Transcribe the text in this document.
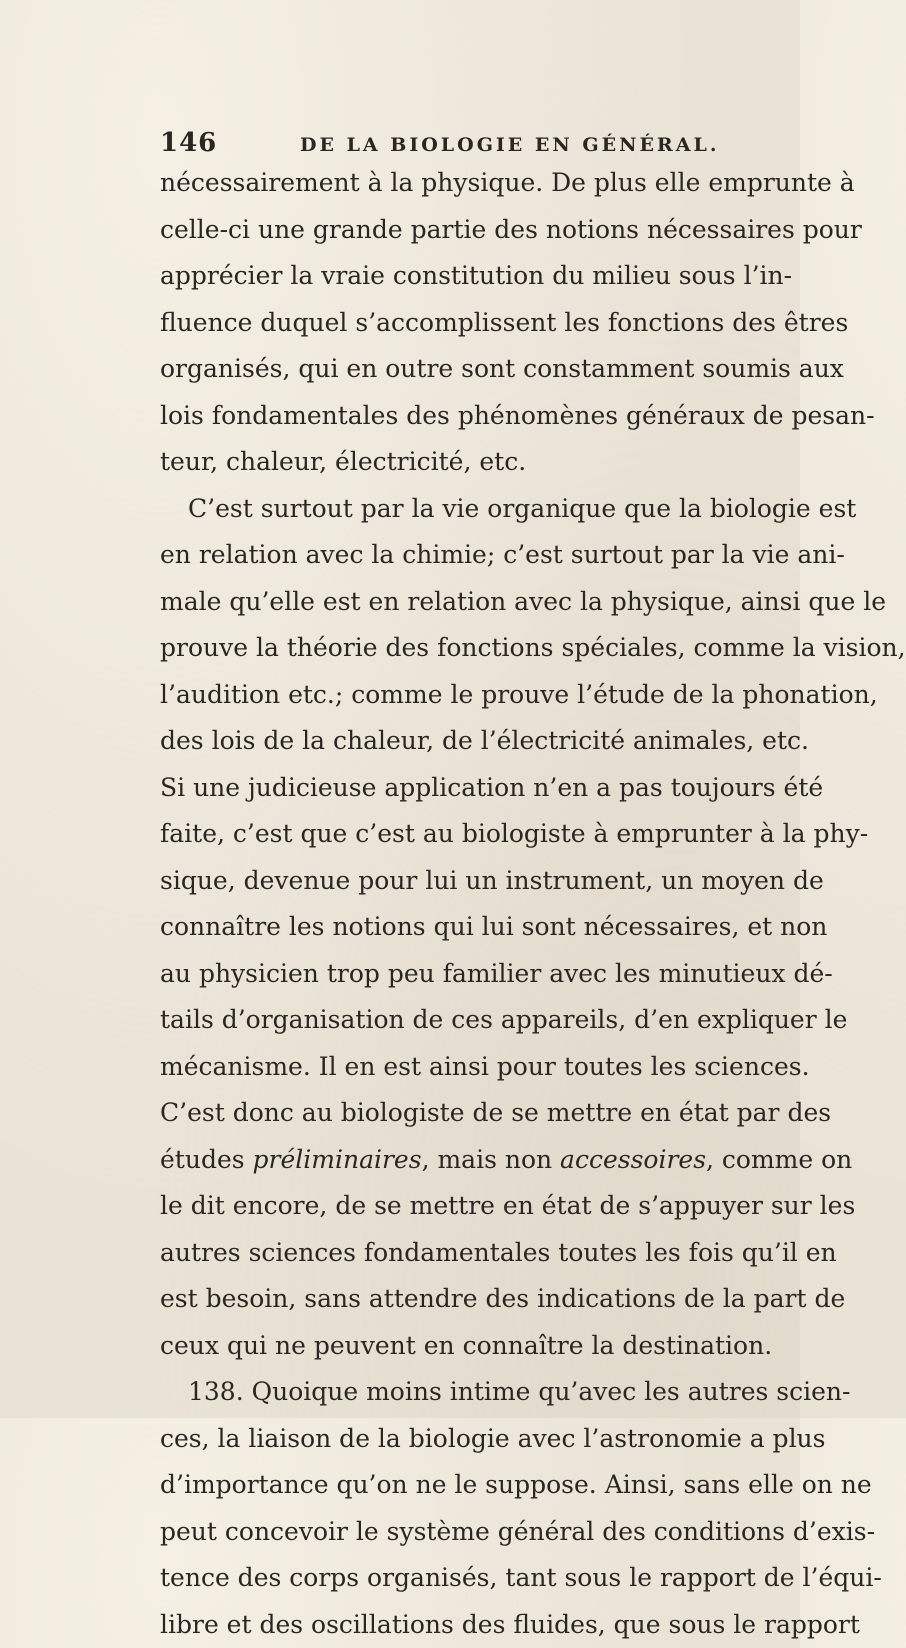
146	DE LA BIOLOGIE EN GÉNÉRAL.
nécessairement à la physique. De plus elle emprunte à
celle-ci une grande partie des notions nécessaires pour
apprécier la vraie constitution du milieu sous l’in-
fluence duquel s’accomplissent les fonctions des êtres
organisés, qui en outre sont constamment soumis aux
lois fondamentales des phénomènes généraux de pesan-
teur, chaleur, électricité, etc.
C’est surtout par la vie organique que la biologie est
en relation avec la chimie; c’est surtout par la vie ani-
male qu’elle est en relation avec la physique, ainsi que le
prouve la théorie des fonctions spéciales, comme la vision,
l’audition etc.; comme le prouve l’étude de la phonation,
des lois de la chaleur, de l’électricité animales, etc.
Si une judicieuse application n’en a pas toujours été
faite, c’est que c’est au biologiste à emprunter à la phy-
sique, devenue pour lui un instrument, un moyen de
connaître les notions qui lui sont nécessaires, et non
au physicien trop peu familier avec les minutieux dé-
tails d’organisation de ces appareils, d’en expliquer le
mécanisme. Il en est ainsi pour toutes les sciences.
C’est donc au biologiste de se mettre en état par des
études préliminaires, mais non accessoires, comme on
le dit encore, de se mettre en état de s’appuyer sur les
autres sciences fondamentales toutes les fois qu’il en
est besoin, sans attendre des indications de la part de
ceux qui ne peuvent en connaître la destination.
138. Quoique moins intime qu’avec les autres scien-
ces, la liaison de la biologie avec l’astronomie a plus
d’importance qu’on ne le suppose. Ainsi, sans elle on ne
peut concevoir le système général des conditions d’exis-
tence des corps organisés, tant sous le rapport de l’équi-
libre et des oscillations des fluides, que sous le rapport
